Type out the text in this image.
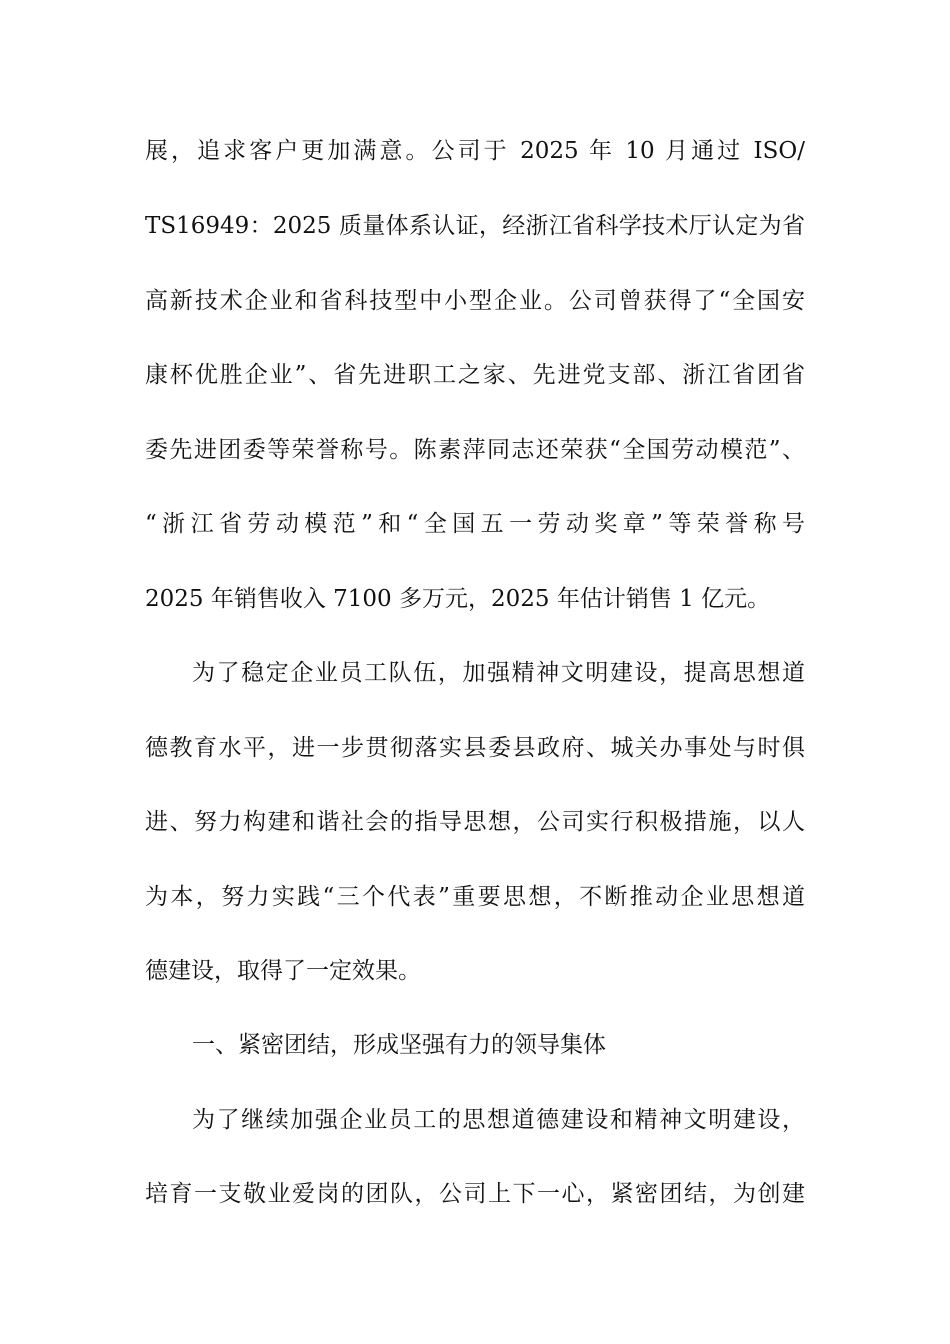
展，追求客户更加满意。公司于 2025 年 10 月通过 ISO/
TS16949：2025 质量体系认证，经浙江省科学技术厅认定为省
高新技术企业和省科技型中小型企业。公司曾获得了“全国安
康杯优胜企业”、省先进职工之家、先进党支部、浙江省团省
委先进团委等荣誉称号。陈素萍同志还荣获“全国劳动模范”、
“浙江省劳动模范”和“全国五一劳动奖章”等荣誉称号
2025 年销售收入 7100 多万元，2025 年估计销售 1 亿元。
为了稳定企业员工队伍，加强精神文明建设，提高思想道
德教育水平，进一步贯彻落实县委县政府、城关办事处与时俱
进、努力构建和谐社会的指导思想，公司实行积极措施，以人
为本，努力实践“三个代表”重要思想，不断推动企业思想道
德建设，取得了一定效果。
一、紧密团结，形成坚强有力的领导集体
为了继续加强企业员工的思想道德建设和精神文明建设，
培育一支敬业爱岗的团队，公司上下一心，紧密团结，为创建
